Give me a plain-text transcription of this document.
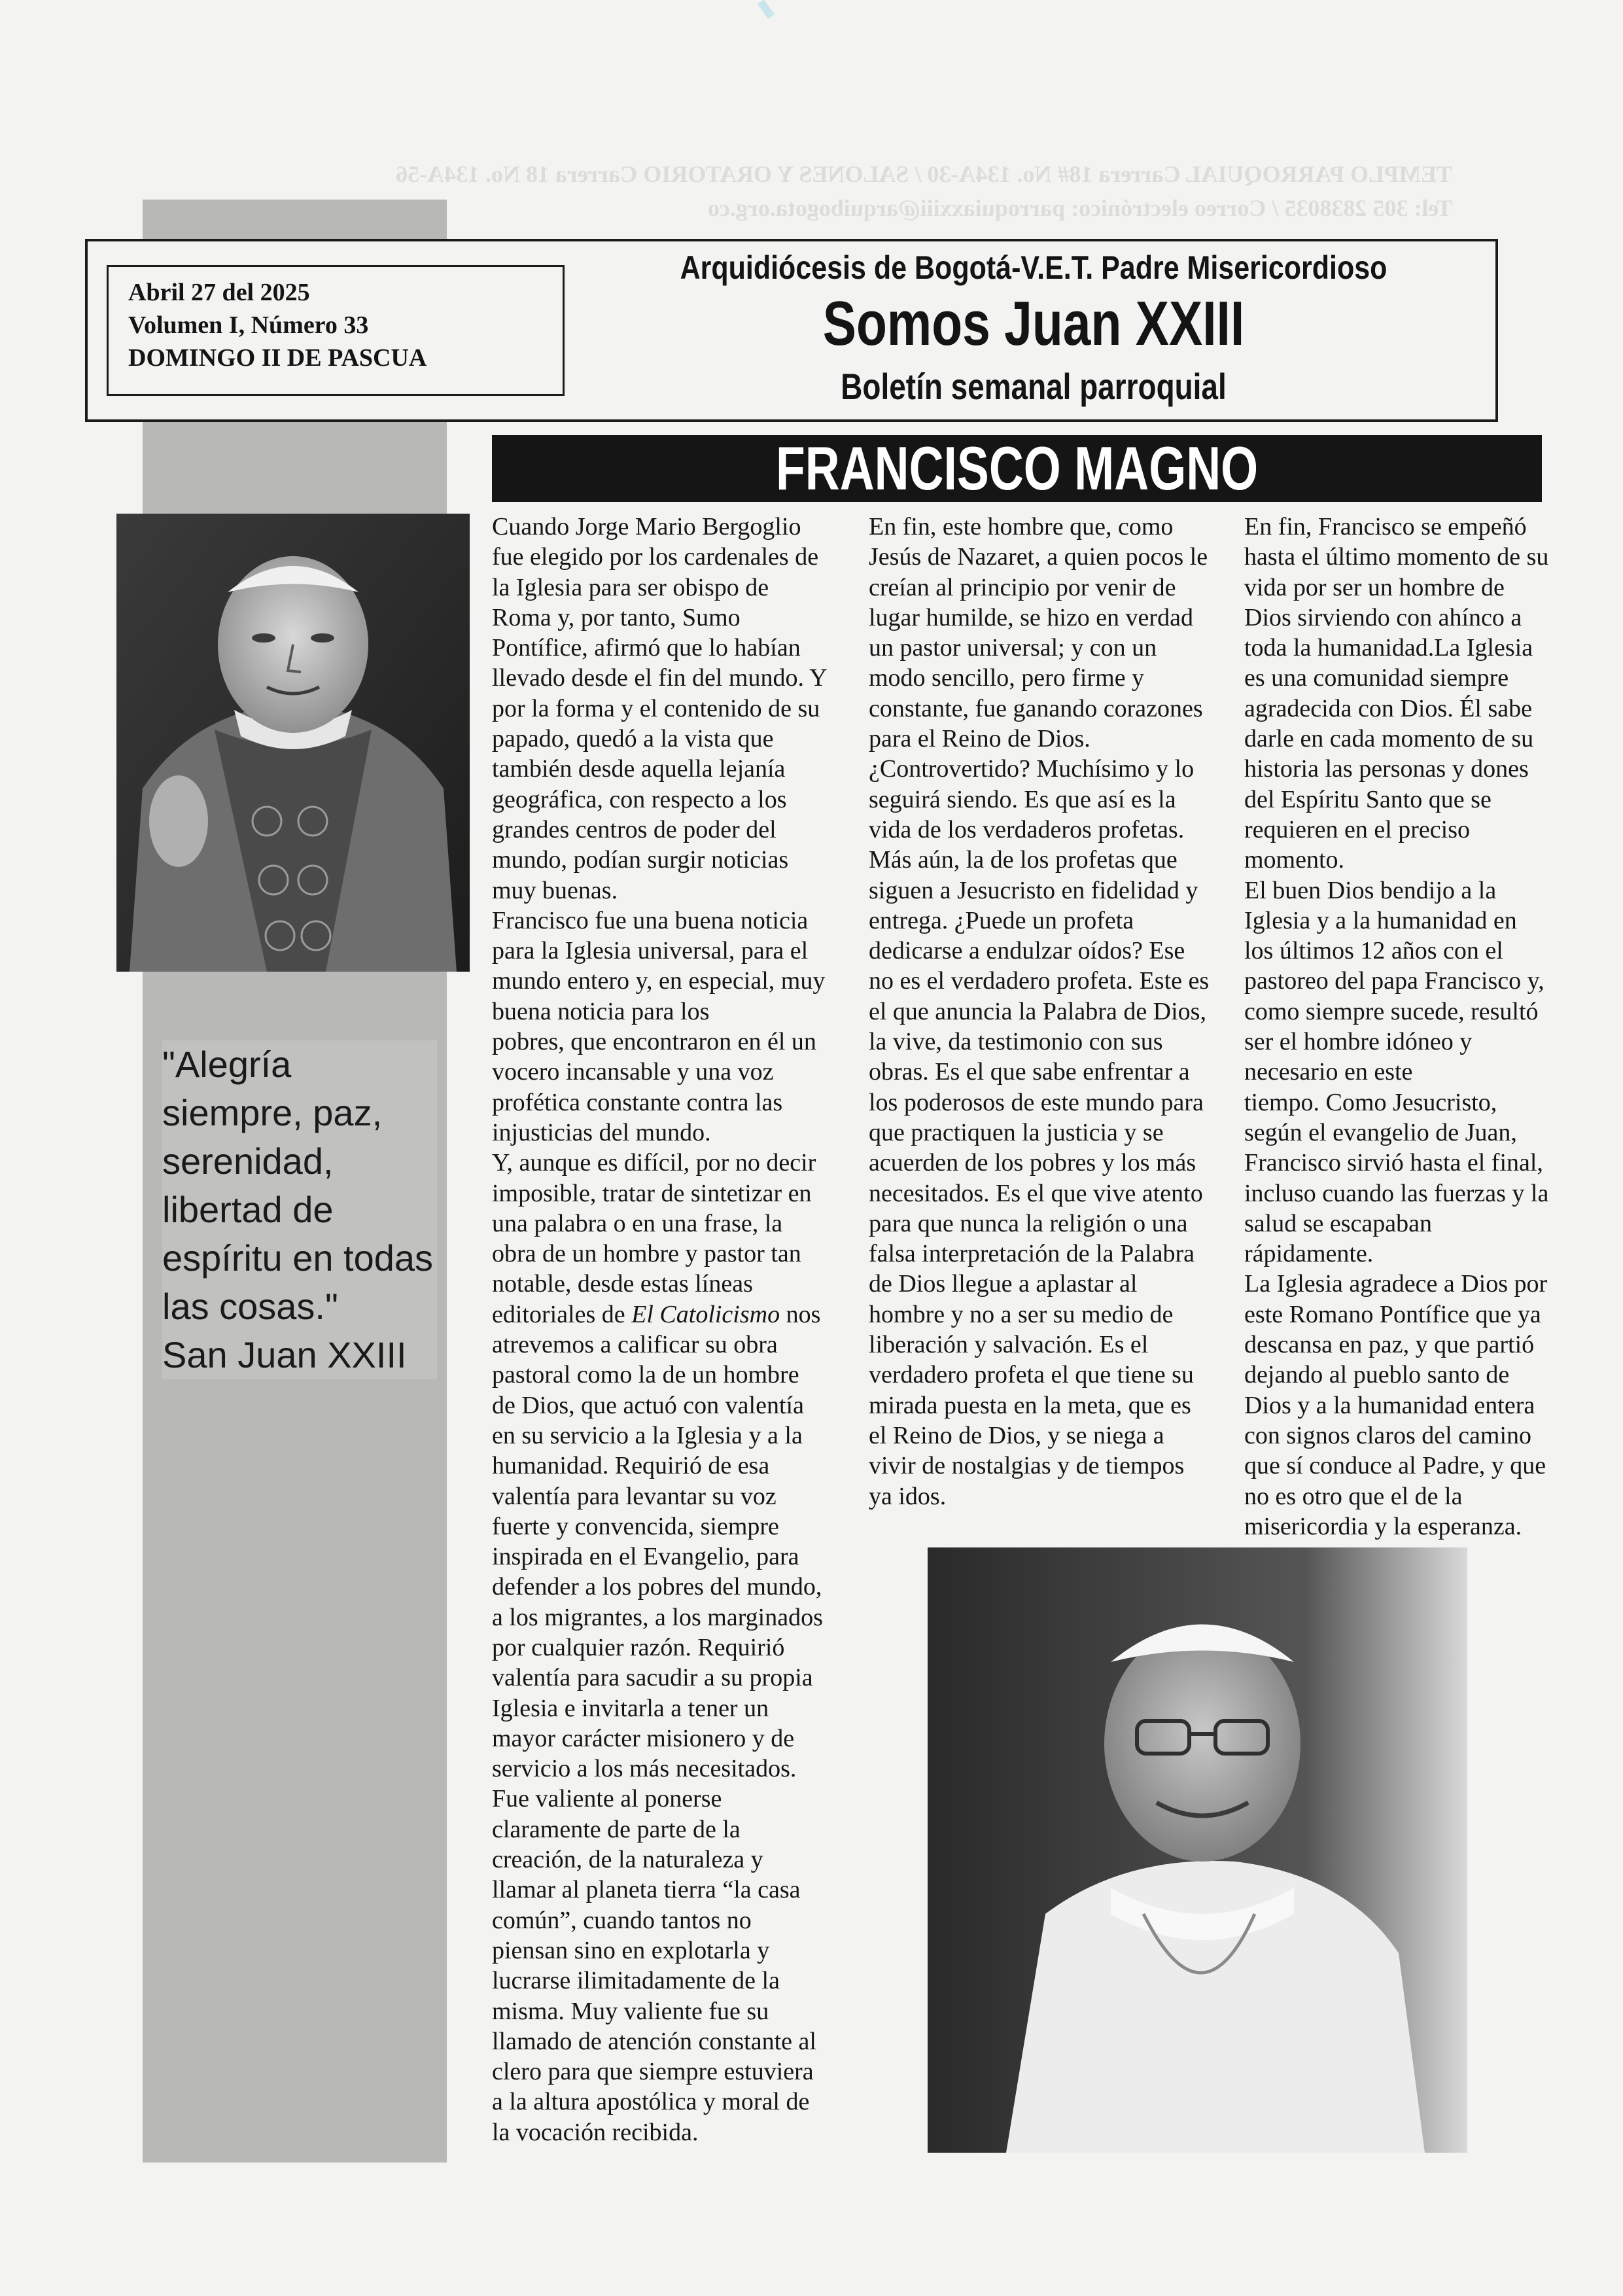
TEMPLO PARROQUIAL Carrera 18# No. 134A-30 / SALONES Y ORATORIO Carrera 18 No. 134A-56
Tel: 305 2838035 / Correo electrónico: parroquiaxxiii@arquibogota.org.co
Abril 27 del 2025
Volumen I, Número 33
DOMINGO II DE PASCUA
Arquidiócesis de Bogotá-V.E.T. Padre Misericordioso
Somos Juan XXIII
Boletín semanal parroquial
FRANCISCO MAGNO
"Alegría siempre, paz, serenidad, libertad de espíritu en todas las cosas."
San Juan XXIII

Cuando Jorge Mario Bergoglio

fue elegido por los cardenales de

la Iglesia para ser obispo de

Roma y, por tanto, Sumo

Pontífice, afirmó que lo habían

llevado desde el fin del mundo. Y

por la forma y el contenido de su

papado, quedó a la vista que

también desde aquella lejanía

geográfica, con respecto a los

grandes centros de poder del

mundo, podían surgir noticias

muy buenas.

Francisco fue una buena noticia

para la Iglesia universal, para el

mundo entero y, en especial, muy

buena noticia para los

pobres, que encontraron en él un

vocero incansable y una voz

profética constante contra las

injusticias del mundo.

Y, aunque es difícil, por no decir

imposible, tratar de sintetizar en

una palabra o en una frase, la

obra de un hombre y pastor tan

notable, desde estas líneas

editoriales de El Catolicismo nos

atrevemos a calificar su obra

pastoral como la de un hombre

de Dios, que actuó con valentía

en su servicio a la Iglesia y a la

humanidad. Requirió de esa

valentía para levantar su voz

fuerte y convencida, siempre

inspirada en el Evangelio, para

defender a los pobres del mundo,

a los migrantes, a los marginados

por cualquier razón. Requirió

valentía para sacudir a su propia

Iglesia e invitarla a tener un

mayor carácter misionero y de

servicio a los más necesitados.

Fue valiente al ponerse

claramente de parte de la

creación, de la naturaleza y

llamar al planeta tierra “la casa

común”, cuando tantos no

piensan sino en explotarla y

lucrarse ilimitadamente de la

misma. Muy valiente fue su

llamado de atención constante al

clero para que siempre estuviera

a la altura apostólica y moral de

la vocación recibida.

En fin, este hombre que, como

Jesús de Nazaret, a quien pocos le

creían al principio por venir de

lugar humilde, se hizo en verdad

un pastor universal; y con un

modo sencillo, pero firme y

constante, fue ganando corazones

para el Reino de Dios.

¿Controvertido? Muchísimo y lo

seguirá siendo. Es que así es la

vida de los verdaderos profetas.

Más aún, la de los profetas que

siguen a Jesucristo en fidelidad y

entrega. ¿Puede un profeta

dedicarse a endulzar oídos? Ese

no es el verdadero profeta. Este es

el que anuncia la Palabra de Dios,

la vive, da testimonio con sus

obras. Es el que sabe enfrentar a

los poderosos de este mundo para

que practiquen la justicia y se

acuerden de los pobres y los más

necesitados. Es el que vive atento

para que nunca la religión o una

falsa interpretación de la Palabra

de Dios llegue a aplastar al

hombre y no a ser su medio de

liberación y salvación. Es el

verdadero profeta el que tiene su

mirada puesta en la meta, que es

el Reino de Dios, y se niega a

vivir de nostalgias y de tiempos

ya idos.

En fin, Francisco se empeñó

hasta el último momento de su

vida por ser un hombre de

Dios sirviendo con ahínco a

toda la humanidad.La Iglesia

es una comunidad siempre

agradecida con Dios. Él sabe

darle en cada momento de su

historia las personas y dones

del Espíritu Santo que se

requieren en el preciso

momento.

El buen Dios bendijo a la

Iglesia y a la humanidad en

los últimos 12 años con el

pastoreo del papa Francisco y,

como siempre sucede, resultó

ser el hombre idóneo y

necesario en este

tiempo. Como Jesucristo,

según el evangelio de Juan,

Francisco sirvió hasta el final,

incluso cuando las fuerzas y la

salud se escapaban

rápidamente.

La Iglesia agradece a Dios por

este Romano Pontífice que ya

descansa en paz, y que partió

dejando al pueblo santo de

Dios y a la humanidad entera

con signos claros del camino

que sí conduce al Padre, y que

no es otro que el de la

misericordia y la esperanza.
